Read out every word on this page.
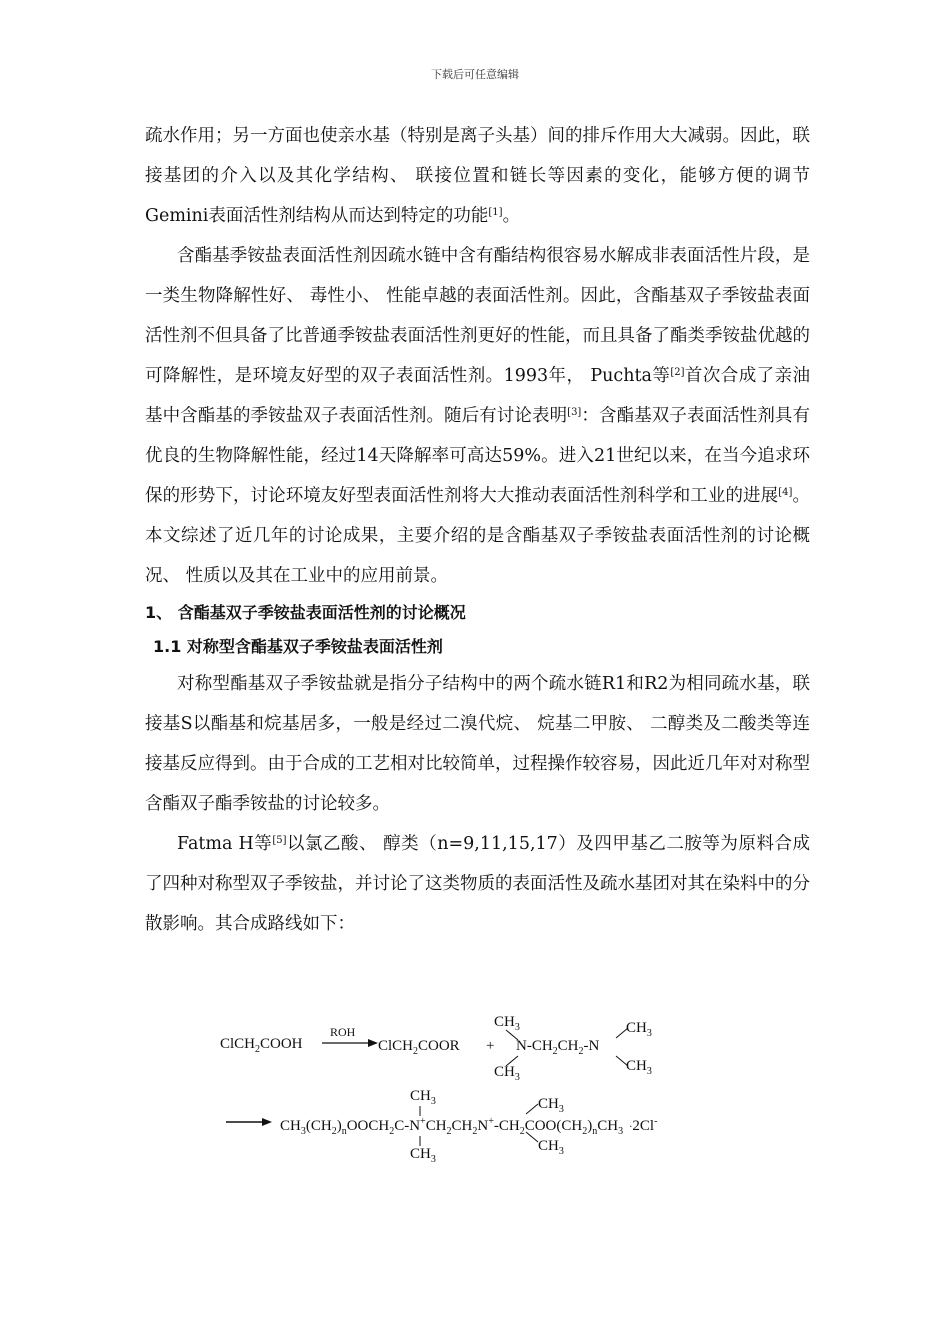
下载后可任意编辑

疏水作用；另一方面也使亲水基（特别是离子头基）间的排斥作用大大减弱。因此，联接基团的介入以及其化学结构、 联接位置和链长等因素的变化，能够方便的调节Gemini表面活性剂结构从而达到特定的功能[1]。

含酯基季铵盐表面活性剂因疏水链中含有酯结构很容易水解成非表面活性片段，是一类生物降解性好、 毒性小、 性能卓越的表面活性剂。因此，含酯基双子季铵盐表面活性剂不但具备了比普通季铵盐表面活性剂更好的性能，而且具备了酯类季铵盐优越的可降解性，是环境友好型的双子表面活性剂。1993年， Puchta等[2]首次合成了亲油基中含酯基的季铵盐双子表面活性剂。随后有讨论表明[3]：含酯基双子表面活性剂具有优良的生物降解性能，经过14天降解率可高达59%。进入21世纪以来，在当今追求环保的形势下，讨论环境友好型表面活性剂将大大推动表面活性剂科学和工业的进展[4]。本文综述了近几年的讨论成果，主要介绍的是含酯基双子季铵盐表面活性剂的讨论概况、 性质以及其在工业中的应用前景。

1、 含酯基双子季铵盐表面活性剂的讨论概况

1.1 对称型含酯基双子季铵盐表面活性剂

对称型酯基双子季铵盐就是指分子结构中的两个疏水链R1和R2为相同疏水基，联接基S以酯基和烷基居多，一般是经过二溴代烷、 烷基二甲胺、 二醇类及二酸类等连接基反应得到。由于合成的工艺相对比较简单，过程操作较容易，因此近几年对对称型含酯双子酯季铵盐的讨论较多。

Fatma H等[5]以氯乙酸、 醇类（n=9,11,15,17）及四甲基乙二胺等为原料合成了四种对称型双子季铵盐，并讨论了这类物质的表面活性及疏水基团对其在染料中的分散影响。其合成路线如下：

ClCH$_2$COOH
ROH
ClCH$_2$COOR +
$CH_3$
$N-CH_2CH_2-N$
$CH_3$
$CH_3$
$CH_3$
$CH_3$
$CH_3(CH_2)_nOOCH_2C-N^+CH_2CH_2N^+-CH_2COO(CH_2)_nCH_3$ ·2Cl-
$CH_3$
$CH_3$
$CH_3$
